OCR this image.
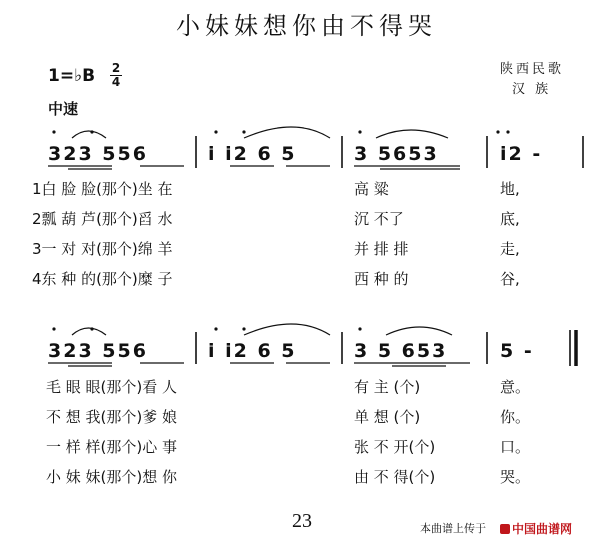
小妹妹想你由不得哭
陕西民歌
汉 族
1=♭B 2
4
中速
323 556	i i2 6 5	3 5653	i2 -
1白 脸 脸(那个)坐 在	高 粱	地,
2瓢 葫 芦(那个)舀 水	沉 不了	底,
3一 对 对(那个)绵 羊	并 排 排	走,
4东 种 的(那个)糜 子	西 种 的	谷,
323 556	i i2 6 5	3 5 653	5 -
毛 眼 眼(那个)看 人	有 主 (个)	意。
不 想 我(那个)爹 娘	单 想 (个)	你。
一 样 样(那个)心 事	张 不 开(个)	口。
小 妹 妹(那个)想 你	由 不 得(个)	哭。
23	本曲谱上传于	中国曲谱网
